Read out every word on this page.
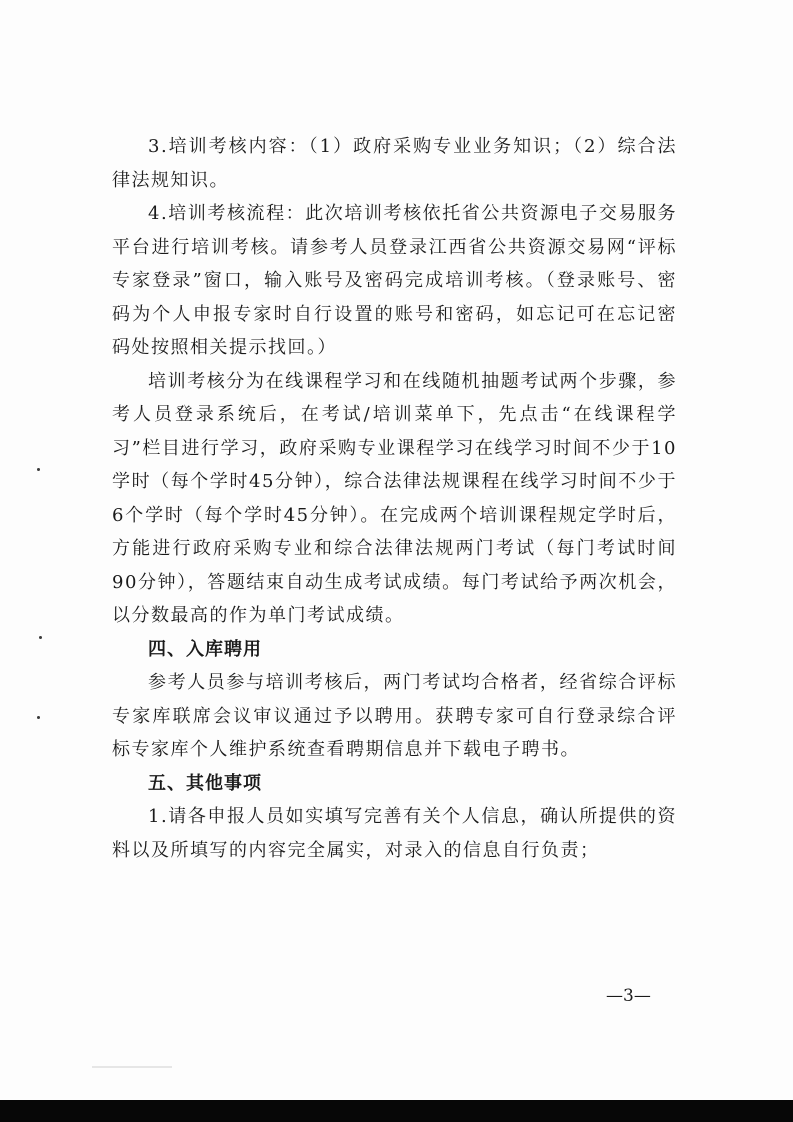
3.培训考核内容：（1）政府采购专业业务知识；（2）综合法律法规知识。

4.培训考核流程：此次培训考核依托省公共资源电子交易服务平台进行培训考核。请参考人员登录江西省公共资源交易网“评标专家登录”窗口，输入账号及密码完成培训考核。（登录账号、密码为个人申报专家时自行设置的账号和密码，如忘记可在忘记密码处按照相关提示找回。）

培训考核分为在线课程学习和在线随机抽题考试两个步骤，参考人员登录系统后，在考试/培训菜单下，先点击“在线课程学习”栏目进行学习，政府采购专业课程学习在线学习时间不少于10学时（每个学时45分钟），综合法律法规课程在线学习时间不少于6个学时（每个学时45分钟）。在完成两个培训课程规定学时后，方能进行政府采购专业和综合法律法规两门考试（每门考试时间90分钟），答题结束自动生成考试成绩。每门考试给予两次机会，以分数最高的作为单门考试成绩。

四、入库聘用

参考人员参与培训考核后，两门考试均合格者，经省综合评标专家库联席会议审议通过予以聘用。获聘专家可自行登录综合评标专家库个人维护系统查看聘期信息并下载电子聘书。

五、其他事项

1.请各申报人员如实填写完善有关个人信息，确认所提供的资料以及所填写的内容完全属实，对录入的信息自行负责；

—3—
